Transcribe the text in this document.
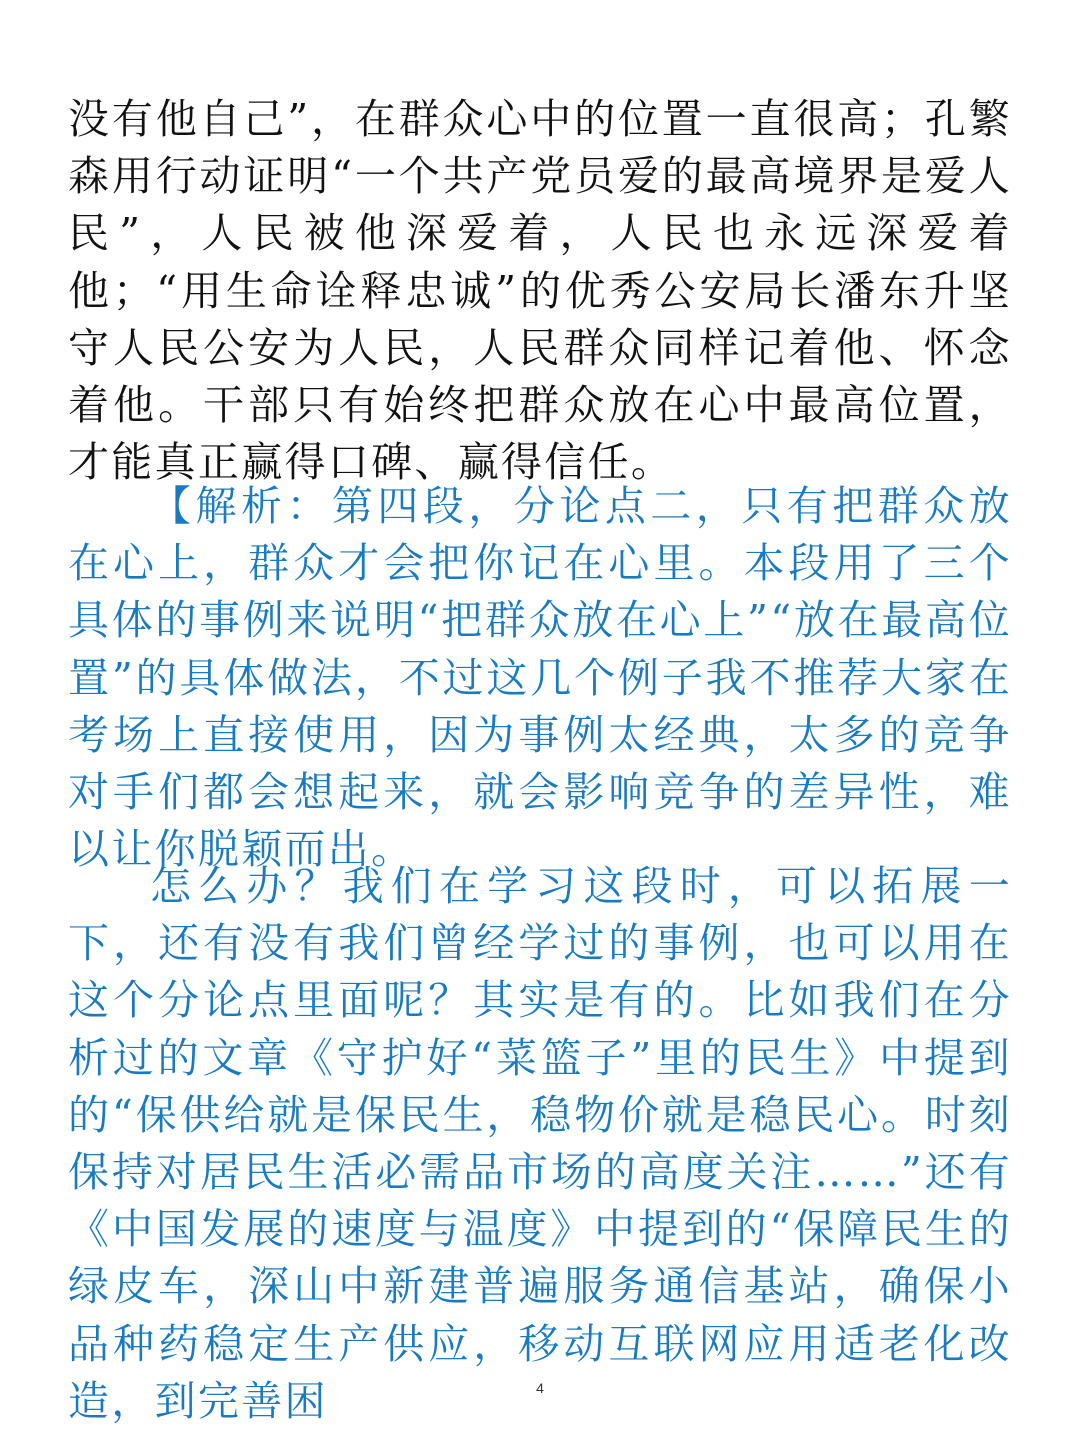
没有他自己”，在群众心中的位置一直很高；孔繁森用行动证明“一个共产党员爱的最高境界是爱人民”，人民被他深爱着，人民也永远深爱着他；“用生命诠释忠诚”的优秀公安局长潘东升坚守人民公安为人民，人民群众同样记着他、怀念着他。干部只有始终把群众放在心中最高位置，才能真正赢得口碑、赢得信任。

【解析：第四段，分论点二，只有把群众放在心上，群众才会把你记在心里。本段用了三个具体的事例来说明“把群众放在心上”“放在最高位置”的具体做法，不过这几个例子我不推荐大家在考场上直接使用，因为事例太经典，太多的竞争对手们都会想起来，就会影响竞争的差异性，难以让你脱颖而出。

怎么办？我们在学习这段时，可以拓展一下，还有没有我们曾经学过的事例，也可以用在这个分论点里面呢？其实是有的。比如我们在分析过的文章《守护好“菜篮子”里的民生》中提到的“保供给就是保民生，稳物价就是稳民心。时刻保持对居民生活必需品市场的高度关注……”还有《中国发展的速度与温度》中提到的“保障民生的绿皮车，深山中新建普遍服务通信基站，确保小品种药稳定生产供应，移动互联网应用适老化改造，到完善困	4
